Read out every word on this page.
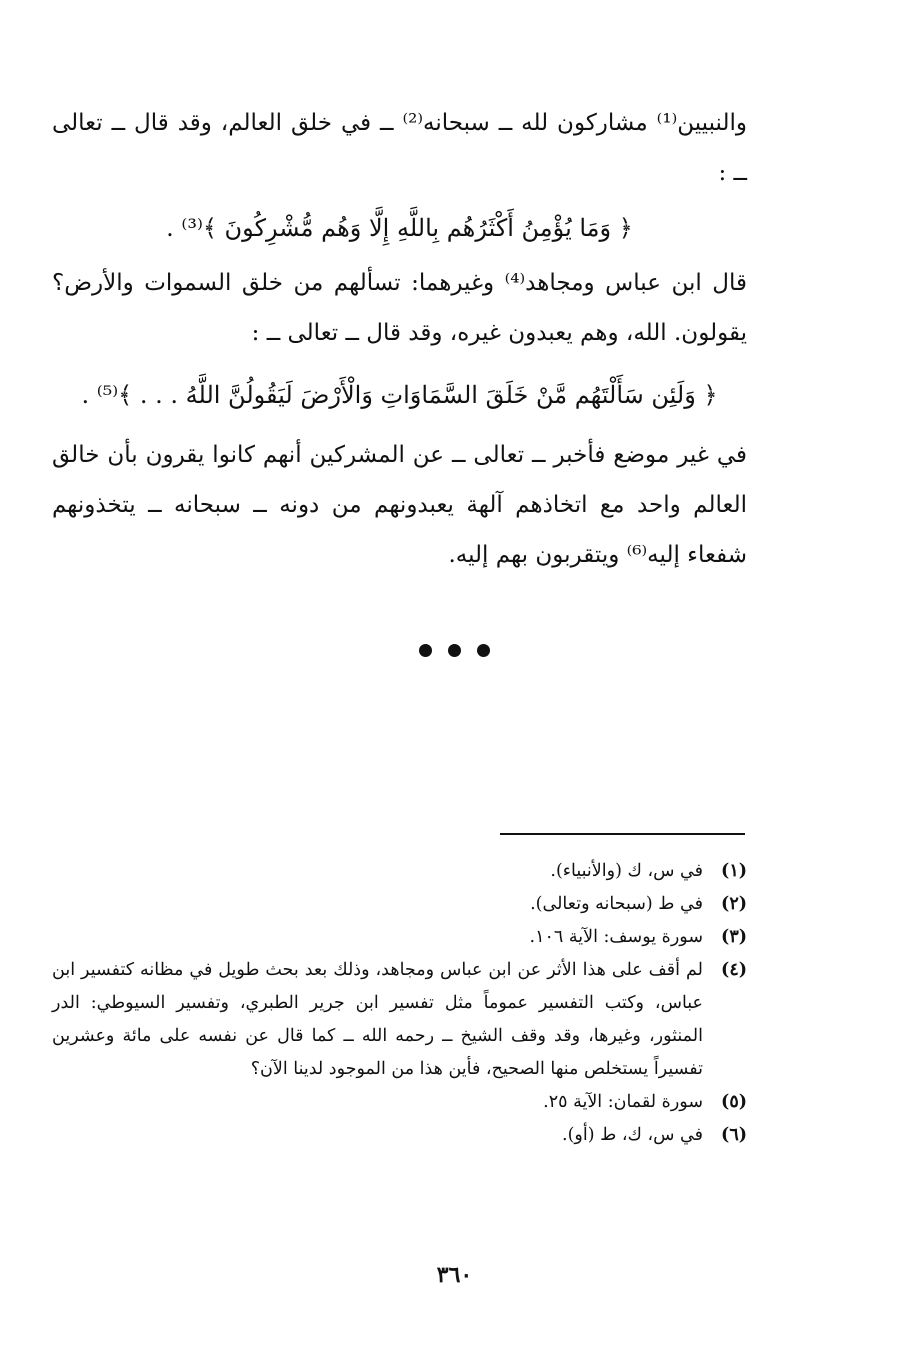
والنبيين⁽¹⁾ مشاركون لله ــ سبحانه⁽²⁾ ــ في خلق العالم، وقد قال ــ تعالى ــ :

﴿ وَمَا يُؤْمِنُ أَكْثَرُهُم بِاللَّهِ إِلَّا وَهُم مُّشْرِكُونَ ﴾⁽³⁾ .

قال ابن عباس ومجاهد⁽⁴⁾ وغيرهما: تسألهم من خلق السموات والأرض؟ يقولون. الله، وهم يعبدون غيره، وقد قال ــ تعالى ــ :

﴿ وَلَئِن سَأَلْتَهُم مَّنْ خَلَقَ السَّمَاوَاتِ وَالْأَرْضَ لَيَقُولُنَّ اللَّهُ . . . ﴾⁽⁵⁾ .

في غير موضع فأخبر ــ تعالى ــ عن المشركين أنهم كانوا يقرون بأن خالق العالم واحد مع اتخاذهم آلهة يعبدونهم من دونه ــ سبحانه ــ يتخذونهم شفعاء إليه⁽⁶⁾ ويتقربون بهم إليه.

(١)
في س، ك (والأنبياء).
(٢)
في ط (سبحانه وتعالى).
(٣)
سورة يوسف: الآية ١٠٦.
(٤)
لم أقف على هذا الأثر عن ابن عباس ومجاهد، وذلك بعد بحث طويل في مظانه كتفسير ابن عباس، وكتب التفسير عموماً مثل تفسير ابن جرير الطبري، وتفسير السيوطي: الدر المنثور، وغيرها، وقد وقف الشيخ ــ رحمه الله ــ كما قال عن نفسه على مائة وعشرين تفسيراً يستخلص منها الصحيح، فأين هذا من الموجود لدينا الآن؟
(٥)
سورة لقمان: الآية ٢٥.
(٦)
في س، ك، ط (أو).
٣٦٠
